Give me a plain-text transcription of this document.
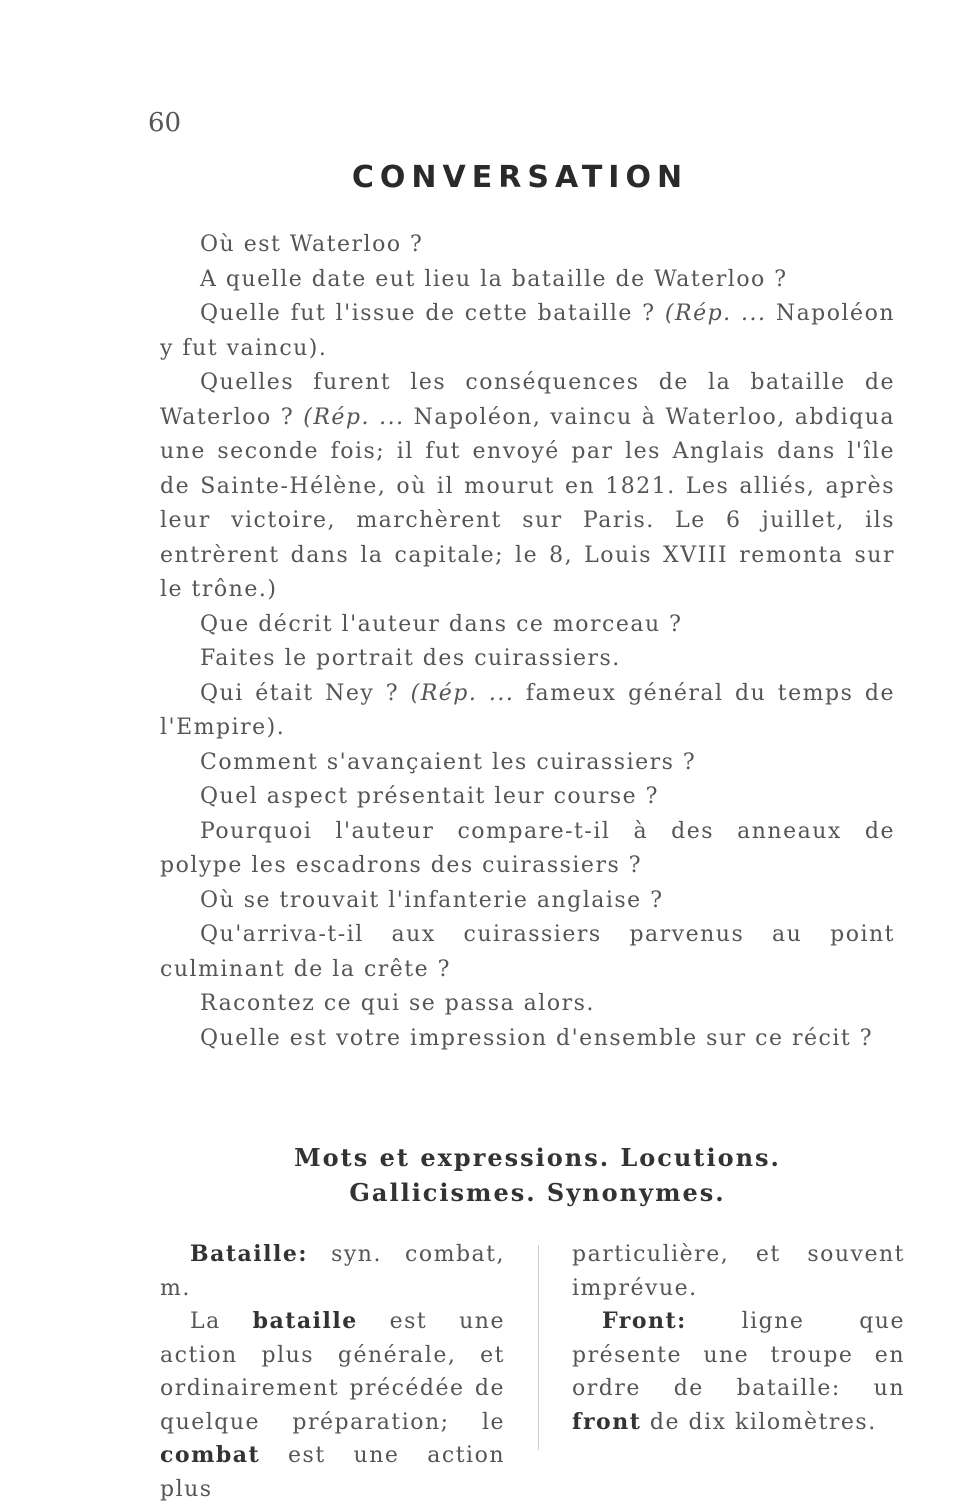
60
CONVERSATION

Où est Waterloo ?

A quelle date eut lieu la bataille de Waterloo ?

Quelle fut l'issue de cette bataille ? (Rép. ... Napoléon y fut vaincu).

Quelles furent les conséquences de la bataille de Waterloo ? (Rép. ... Napoléon, vaincu à Waterloo, abdiqua une seconde fois; il fut envoyé par les Anglais dans l'île de Sainte-Hélène, où il mourut en 1821. Les alliés, après leur victoire, marchèrent sur Paris. Le 6 juillet, ils entrèrent dans la capitale; le 8, Louis XVIII remonta sur le trône.)

Que décrit l'auteur dans ce morceau ?

Faites le portrait des cuirassiers.

Qui était Ney ? (Rép. ... fameux général du temps de l'Empire).

Comment s'avançaient les cuirassiers ?

Quel aspect présentait leur course ?

Pourquoi l'auteur compare-t-il à des anneaux de polype les escadrons des cuirassiers ?

Où se trouvait l'infanterie anglaise ?

Qu'arriva-t-il aux cuirassiers parvenus au point culminant de la crête ?

Racontez ce qui se passa alors.

Quelle est votre impression d'ensemble sur ce récit ?

Mots et expressions. Locutions.
Gallicismes. Synonymes.

Bataille: syn. combat, m.

La bataille est une action plus générale, et ordinairement précédée de quelque préparation; le combat est une action plus

particulière, et souvent imprévue.

Front: ligne que présente une troupe en ordre de bataille: un front de dix kilomètres.
